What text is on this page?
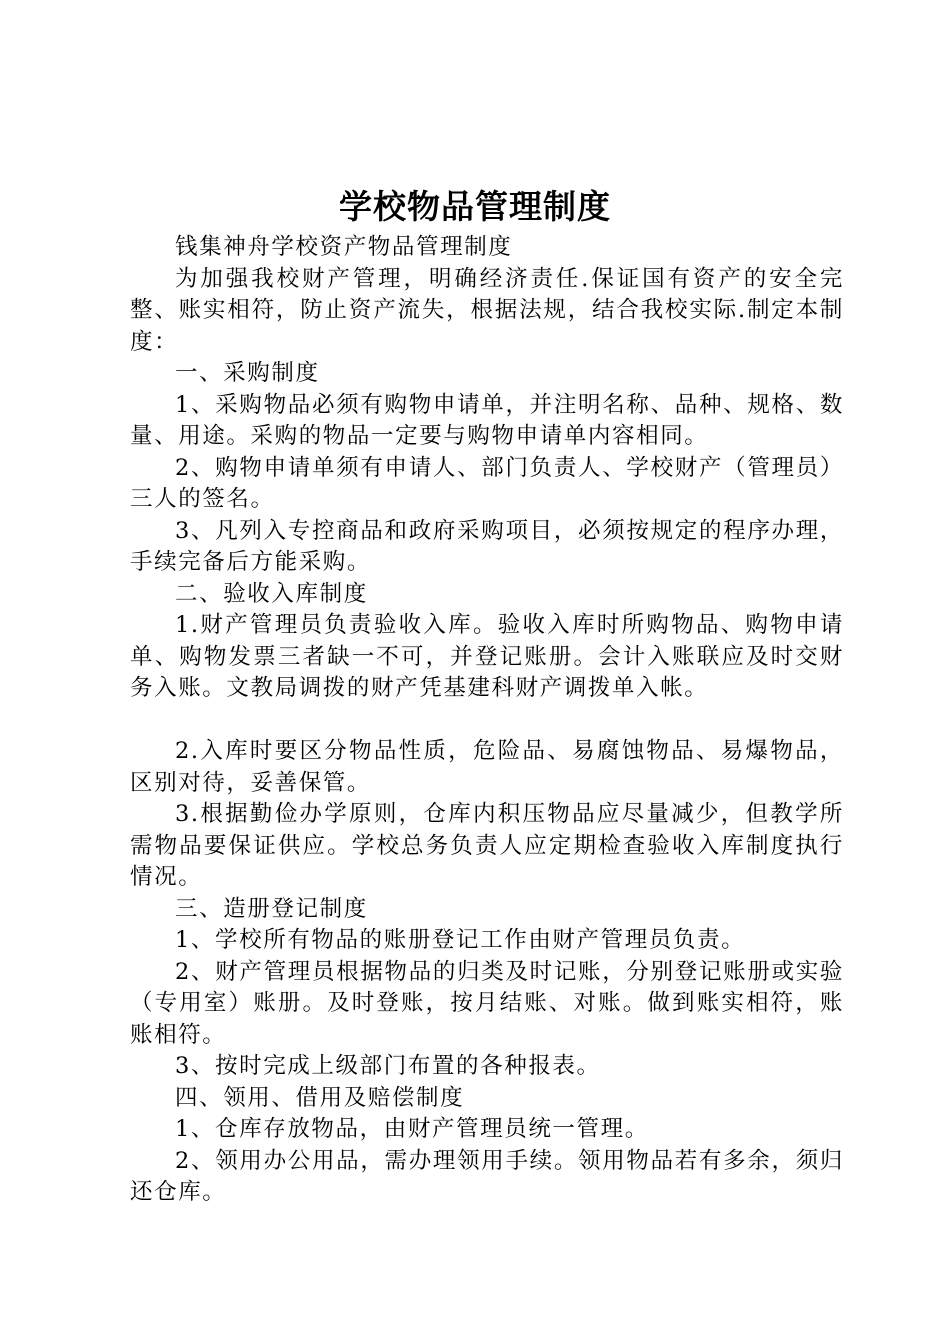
学校物品管理制度

钱集神舟学校资产物品管理制度

为加强我校财产管理，明确经济责任.保证国有资产的安全完整、账实相符，防止资产流失，根据法规，结合我校实际.制定本制度：

一、采购制度

1、采购物品必须有购物申请单，并注明名称、品种、规格、数量、用途。采购的物品一定要与购物申请单内容相同。

2、购物申请单须有申请人、部门负责人、学校财产（管理员）三人的签名。

3、凡列入专控商品和政府采购项目，必须按规定的程序办理，手续完备后方能采购。

二、验收入库制度

1.财产管理员负责验收入库。验收入库时所购物品、购物申请单、购物发票三者缺一不可，并登记账册。会计入账联应及时交财务入账。文教局调拨的财产凭基建科财产调拨单入帐。

2.入库时要区分物品性质，危险品、易腐蚀物品、易爆物品，区别对待，妥善保管。

3.根据勤俭办学原则，仓库内积压物品应尽量减少，但教学所需物品要保证供应。学校总务负责人应定期检查验收入库制度执行情况。

三、造册登记制度

1、学校所有物品的账册登记工作由财产管理员负责。

2、财产管理员根据物品的归类及时记账，分别登记账册或实验（专用室）账册。及时登账，按月结账、对账。做到账实相符，账账相符。

3、按时完成上级部门布置的各种报表。

四、领用、借用及赔偿制度

1、仓库存放物品，由财产管理员统一管理。

2、领用办公用品，需办理领用手续。领用物品若有多余，须归还仓库。
